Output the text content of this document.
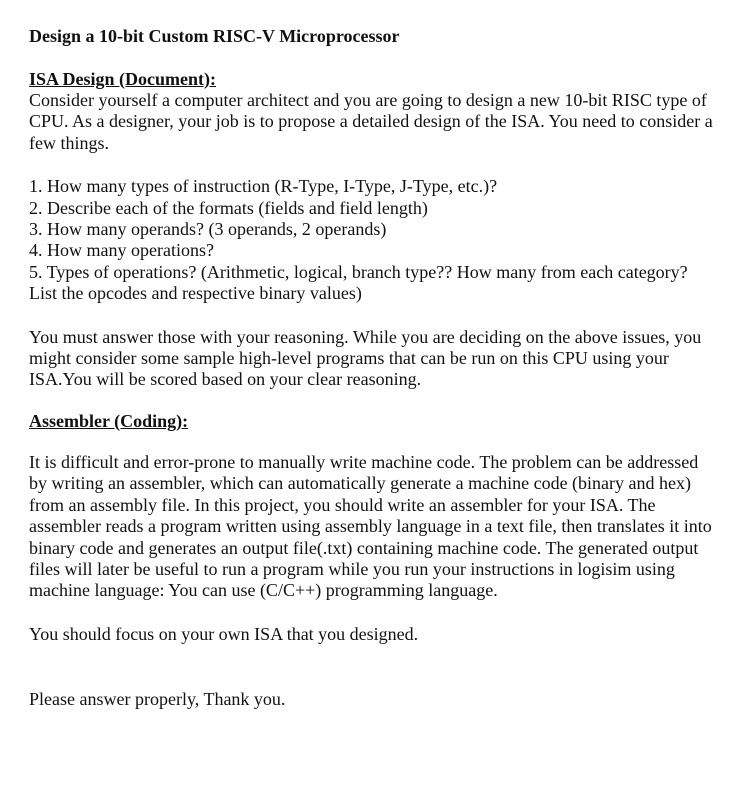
Design a 10-bit Custom RISC-V Microprocessor
ISA Design (Document):

Consider yourself a computer architect and you are going to design a new 10-bit RISC type of CPU. As a designer, your job is to propose a detailed design of the ISA. You need to consider a few things.

1. How many types of instruction (R-Type, I-Type, J-Type, etc.)?

2. Describe each of the formats (fields and field length)

3. How many operands? (3 operands, 2 operands)

4. How many operations?

5. Types of operations? (Arithmetic, logical, branch type?? How many from each category? List the opcodes and respective binary values)

You must answer those with your reasoning. While you are deciding on the above issues, you might consider some sample high-level programs that can be run on this CPU using your ISA.You will be scored based on your clear reasoning.

Assembler (Coding):

It is difficult and error-prone to manually write machine code. The problem can be addressed by writing an assembler, which can automatically generate a machine code (binary and hex) from an assembly file. In this project, you should write an assembler for your ISA. The assembler reads a program written using assembly language in a text file, then translates it into binary code and generates an output file(.txt) containing machine code. The generated output files will later be useful to run a program while you run your instructions in logisim using machine language: You can use (C/C++) programming language.

You should focus on your own ISA that you designed.

Please answer properly, Thank you.
